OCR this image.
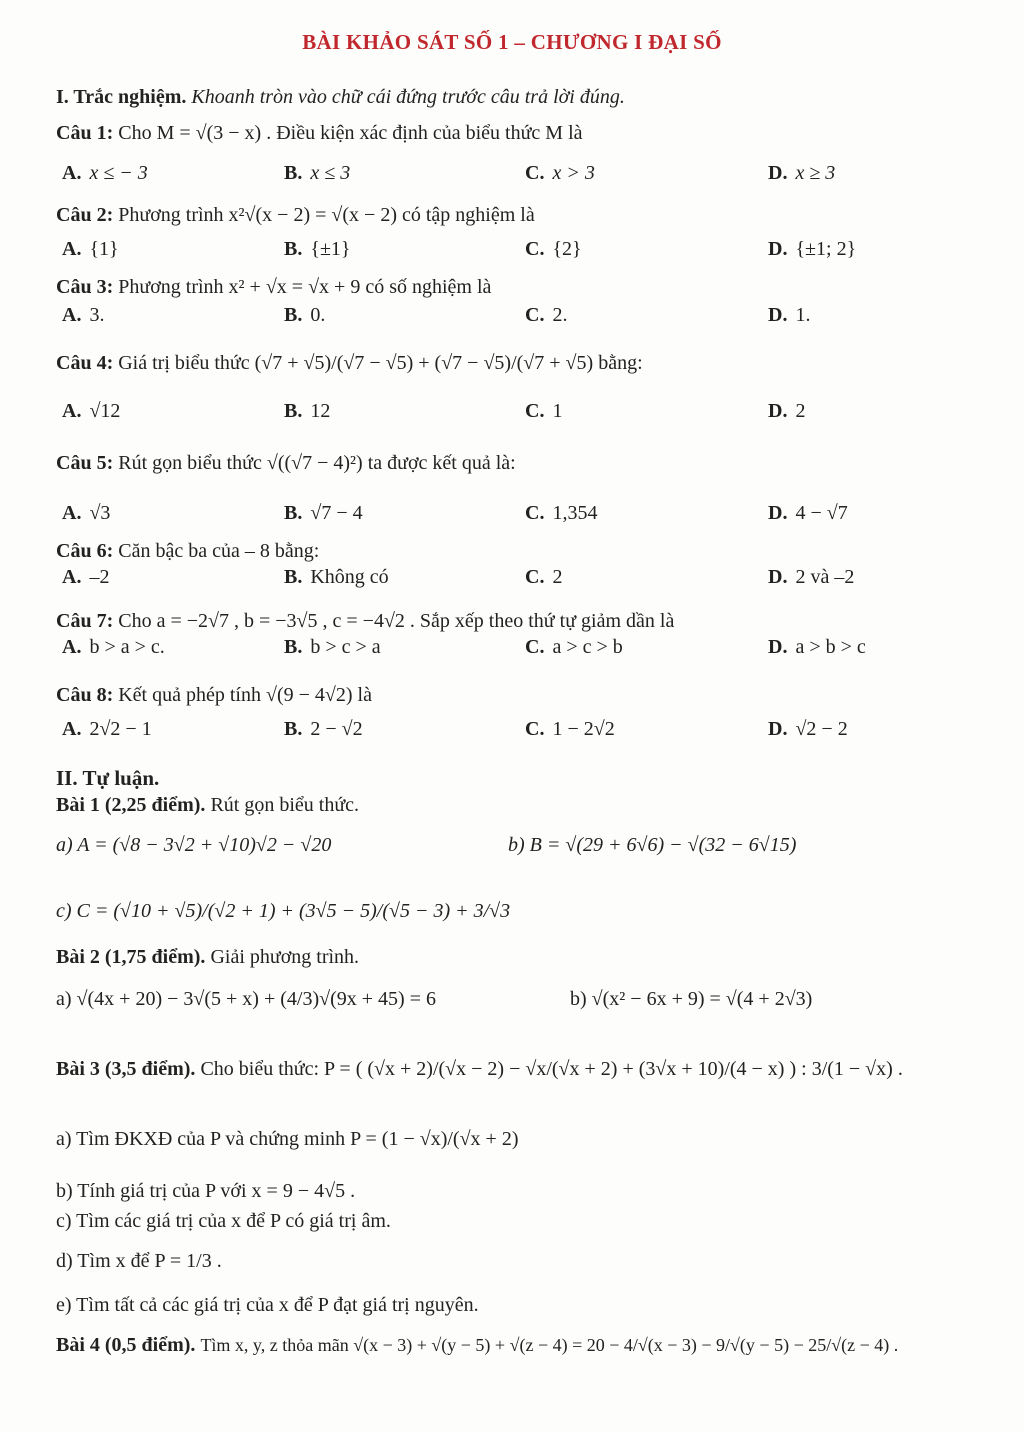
BÀI KHẢO SÁT SỐ 1 – CHƯƠNG I ĐẠI SỐ
I. Trắc nghiệm. Khoanh tròn vào chữ cái đứng trước câu trả lời đúng.
Câu 1: Cho M = √(3 − x) . Điều kiện xác định của biểu thức M là
A. x ≤ − 3	B. x ≤ 3	C. x > 3	D. x ≥ 3
Câu 2: Phương trình x²√(x − 2) = √(x − 2) có tập nghiệm là
A. {1}	B. {±1}	C. {2}	D. {±1; 2}
Câu 3: Phương trình x² + √x = √x + 9 có số nghiệm là
A. 3.	B. 0.	C. 2.	D. 1.
Câu 4: Giá trị biểu thức (√7 + √5)/(√7 − √5) + (√7 − √5)/(√7 + √5) bằng:
A. √12	B. 12	C. 1	D. 2
Câu 5: Rút gọn biểu thức √((√7 − 4)²) ta được kết quả là:
A. √3	B. √7 − 4	C. 1,354	D. 4 − √7
Câu 6: Căn bậc ba của – 8 bằng:
A. –2	B. Không có	C. 2	D. 2 và –2
Câu 7: Cho a = −2√7 , b = −3√5 , c = −4√2 . Sắp xếp theo thứ tự giảm dần là
A. b > a > c.	B. b > c > a	C. a > c > b	D. a > b > c
Câu 8: Kết quả phép tính √(9 − 4√2) là
A. 2√2 − 1	B. 2 − √2	C. 1 − 2√2	D. √2 − 2
II. Tự luận.
Bài 1 (2,25 điểm). Rút gọn biểu thức.
a) A = (√8 − 3√2 + √10)√2 − √20	b) B = √(29 + 6√6) − √(32 − 6√15)
c) C = (√10 + √5)/(√2 + 1) + (3√5 − 5)/(√5 − 3) + 3/√3
Bài 2 (1,75 điểm). Giải phương trình.
a) √(4x + 20) − 3√(5 + x) + (4/3)√(9x + 45) = 6	b) √(x² − 6x + 9) = √(4 + 2√3)
Bài 3 (3,5 điểm). Cho biểu thức: P = ( (√x + 2)/(√x − 2) − √x/(√x + 2) + (3√x + 10)/(4 − x) ) : 3/(1 − √x) .
a) Tìm ĐKXĐ của P và chứng minh P = (1 − √x)/(√x + 2)
b) Tính giá trị của P với x = 9 − 4√5 .
c) Tìm các giá trị của x để P có giá trị âm.
d) Tìm x để P = 1/3 .
e) Tìm tất cả các giá trị của x để P đạt giá trị nguyên.
Bài 4 (0,5 điểm). Tìm x, y, z thỏa mãn √(x − 3) + √(y − 5) + √(z − 4) = 20 − 4/√(x − 3) − 9/√(y − 5) − 25/√(z − 4) .
